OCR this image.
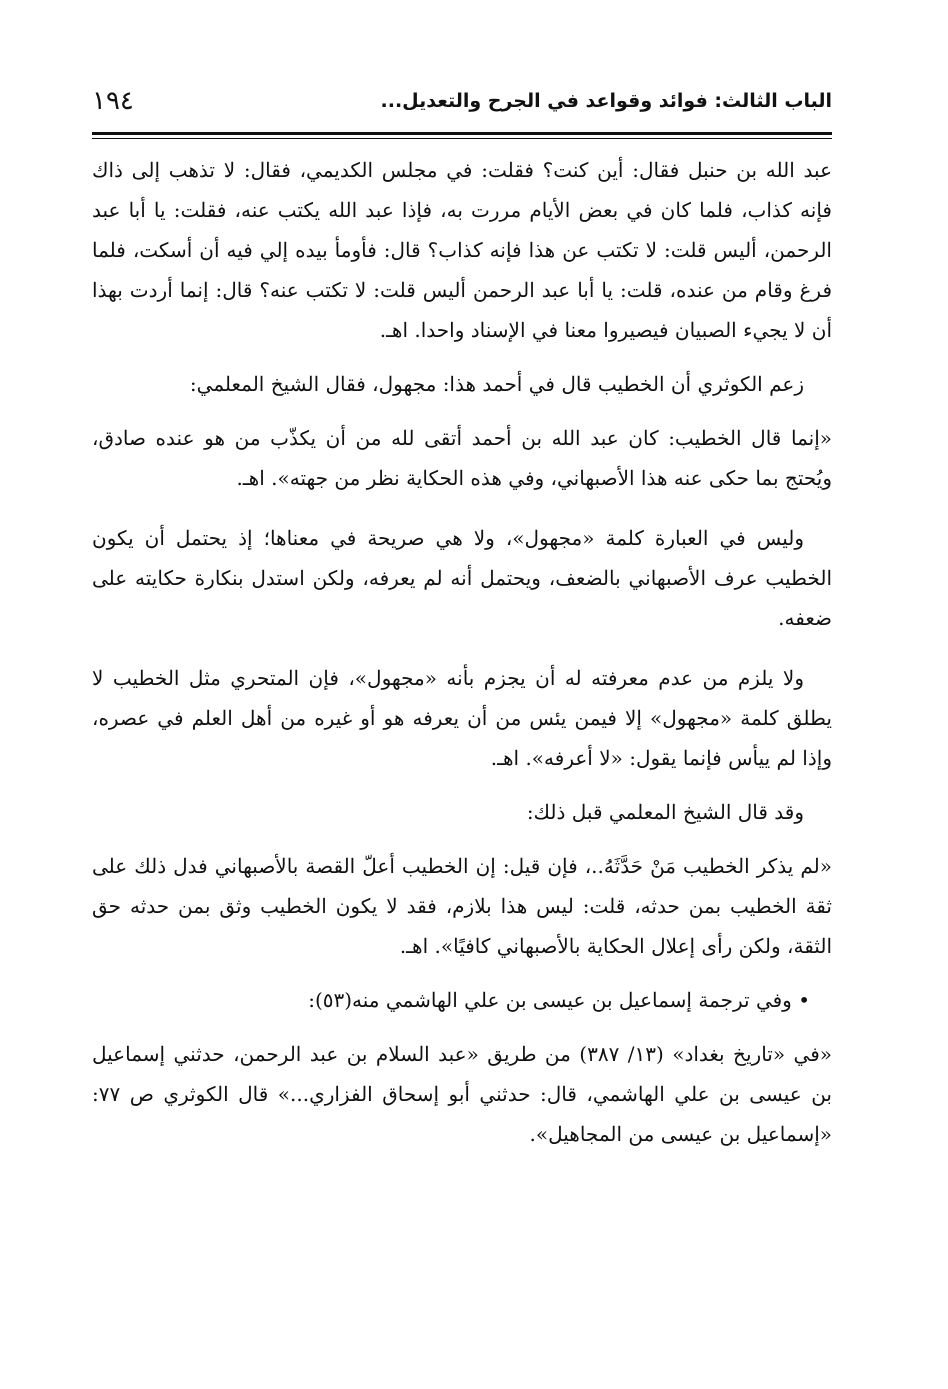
الباب الثالث: فوائد وقواعد في الجرح والتعديل...
١٩٤

عبد الله بن حنبل فقال: أين كنت؟ فقلت: في مجلس الكديمي، فقال: لا تذهب إلى ذاك فإنه كذاب، فلما كان في بعض الأيام مررت به، فإذا عبد الله يكتب عنه، فقلت: يا أبا عبد الرحمن، أليس قلت: لا تكتب عن هذا فإنه كذاب؟ قال: فأومأ بيده إلي فيه أن أسكت، فلما فرغ وقام من عنده، قلت: يا أبا عبد الرحمن أليس قلت: لا تكتب عنه؟ قال: إنما أردت بهذا أن لا يجيء الصبيان فيصيروا معنا في الإسناد واحدا. اهـ.

زعم الكوثري أن الخطيب قال في أحمد هذا: مجهول، فقال الشيخ المعلمي:

«إنما قال الخطيب: كان عبد الله بن أحمد أتقى لله من أن يكذّب من هو عنده صادق، ويُحتج بما حكى عنه هذا الأصبهاني، وفي هذه الحكاية نظر من جهته». اهـ.

وليس في العبارة كلمة «مجهول»، ولا هي صريحة في معناها؛ إذ يحتمل أن يكون الخطيب عرف الأصبهاني بالضعف، ويحتمل أنه لم يعرفه، ولكن استدل بنكارة حكايته على ضعفه.

ولا يلزم من عدم معرفته له أن يجزم بأنه «مجهول»، فإن المتحري مثل الخطيب لا يطلق كلمة «مجهول» إلا فيمن يئس من أن يعرفه هو أو غيره من أهل العلم في عصره، وإذا لم ييأس فإنما يقول: «لا أعرفه». اهـ.

وقد قال الشيخ المعلمي قبل ذلك:

«لم يذكر الخطيب مَنْ حَدَّثَهُ..، فإن قيل: إن الخطيب أعلّ القصة بالأصبهاني فدل ذلك على ثقة الخطيب بمن حدثه، قلت: ليس هذا بلازم، فقد لا يكون الخطيب وثق بمن حدثه حق الثقة، ولكن رأى إعلال الحكاية بالأصبهاني كافيًا». اهـ.

• وفي ترجمة إسماعيل بن عيسى بن علي الهاشمي منه(٥٣):

«في «تاريخ بغداد» (١٣/ ٣٨٧) من طريق «عبد السلام بن عبد الرحمن، حدثني إسماعيل بن عيسى بن علي الهاشمي، قال: حدثني أبو إسحاق الفزاري...» قال الكوثري ص ٧٧: «إسماعيل بن عيسى من المجاهيل».
